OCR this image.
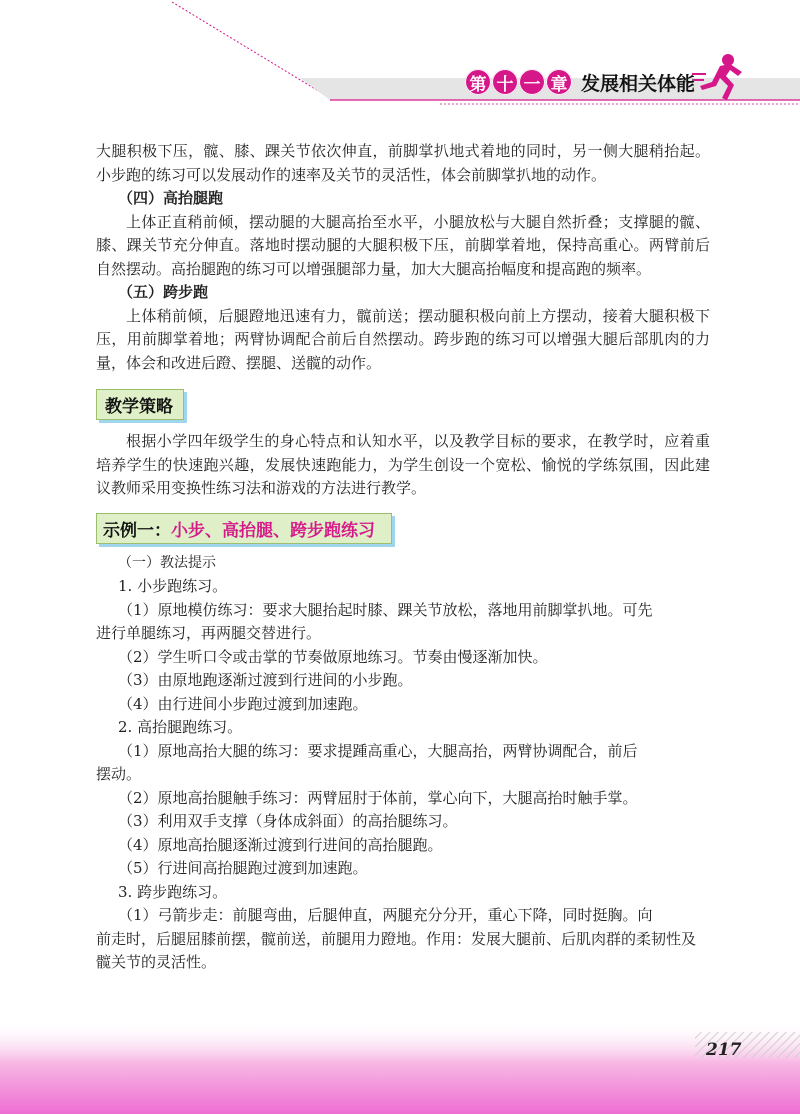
第 十 一 章 发展相关体能

大腿积极下压，髋、膝、踝关节依次伸直，前脚掌扒地式着地的同时，另一侧大腿稍抬起。小步跑的练习可以发展动作的速率及关节的灵活性，体会前脚掌扒地的动作。

（四）高抬腿跑

上体正直稍前倾，摆动腿的大腿高抬至水平，小腿放松与大腿自然折叠；支撑腿的髋、膝、踝关节充分伸直。落地时摆动腿的大腿积极下压，前脚掌着地，保持高重心。两臂前后自然摆动。高抬腿跑的练习可以增强腿部力量，加大大腿高抬幅度和提高跑的频率。

（五）跨步跑

上体稍前倾，后腿蹬地迅速有力，髋前送；摆动腿积极向前上方摆动，接着大腿积极下压，用前脚掌着地；两臂协调配合前后自然摆动。跨步跑的练习可以增强大腿后部肌肉的力量，体会和改进后蹬、摆腿、送髋的动作。

教学策略

根据小学四年级学生的身心特点和认知水平，以及教学目标的要求，在教学时，应着重培养学生的快速跑兴趣，发展快速跑能力，为学生创设一个宽松、愉悦的学练氛围，因此建议教师采用变换性练习法和游戏的方法进行教学。

示例一： 小步、高抬腿、跨步跑练习

（一）教法提示

1. 小步跑练习。

（1）原地模仿练习：要求大腿抬起时膝、踝关节放松，落地用前脚掌扒地。可先

进行单腿练习，再两腿交替进行。

（2）学生听口令或击掌的节奏做原地练习。节奏由慢逐渐加快。

（3）由原地跑逐渐过渡到行进间的小步跑。

（4）由行进间小步跑过渡到加速跑。

2. 高抬腿跑练习。

（1）原地高抬大腿的练习：要求提踵高重心，大腿高抬，两臂协调配合，前后

摆动。

（2）原地高抬腿触手练习：两臂屈肘于体前，掌心向下，大腿高抬时触手掌。

（3）利用双手支撑（身体成斜面）的高抬腿练习。

（4）原地高抬腿逐渐过渡到行进间的高抬腿跑。

（5）行进间高抬腿跑过渡到加速跑。

3. 跨步跑练习。

（1）弓箭步走：前腿弯曲，后腿伸直，两腿充分分开，重心下降，同时挺胸。向

前走时，后腿屈膝前摆，髋前送，前腿用力蹬地。作用：发展大腿前、后肌肉群的柔韧性及髋关节的灵活性。

217
